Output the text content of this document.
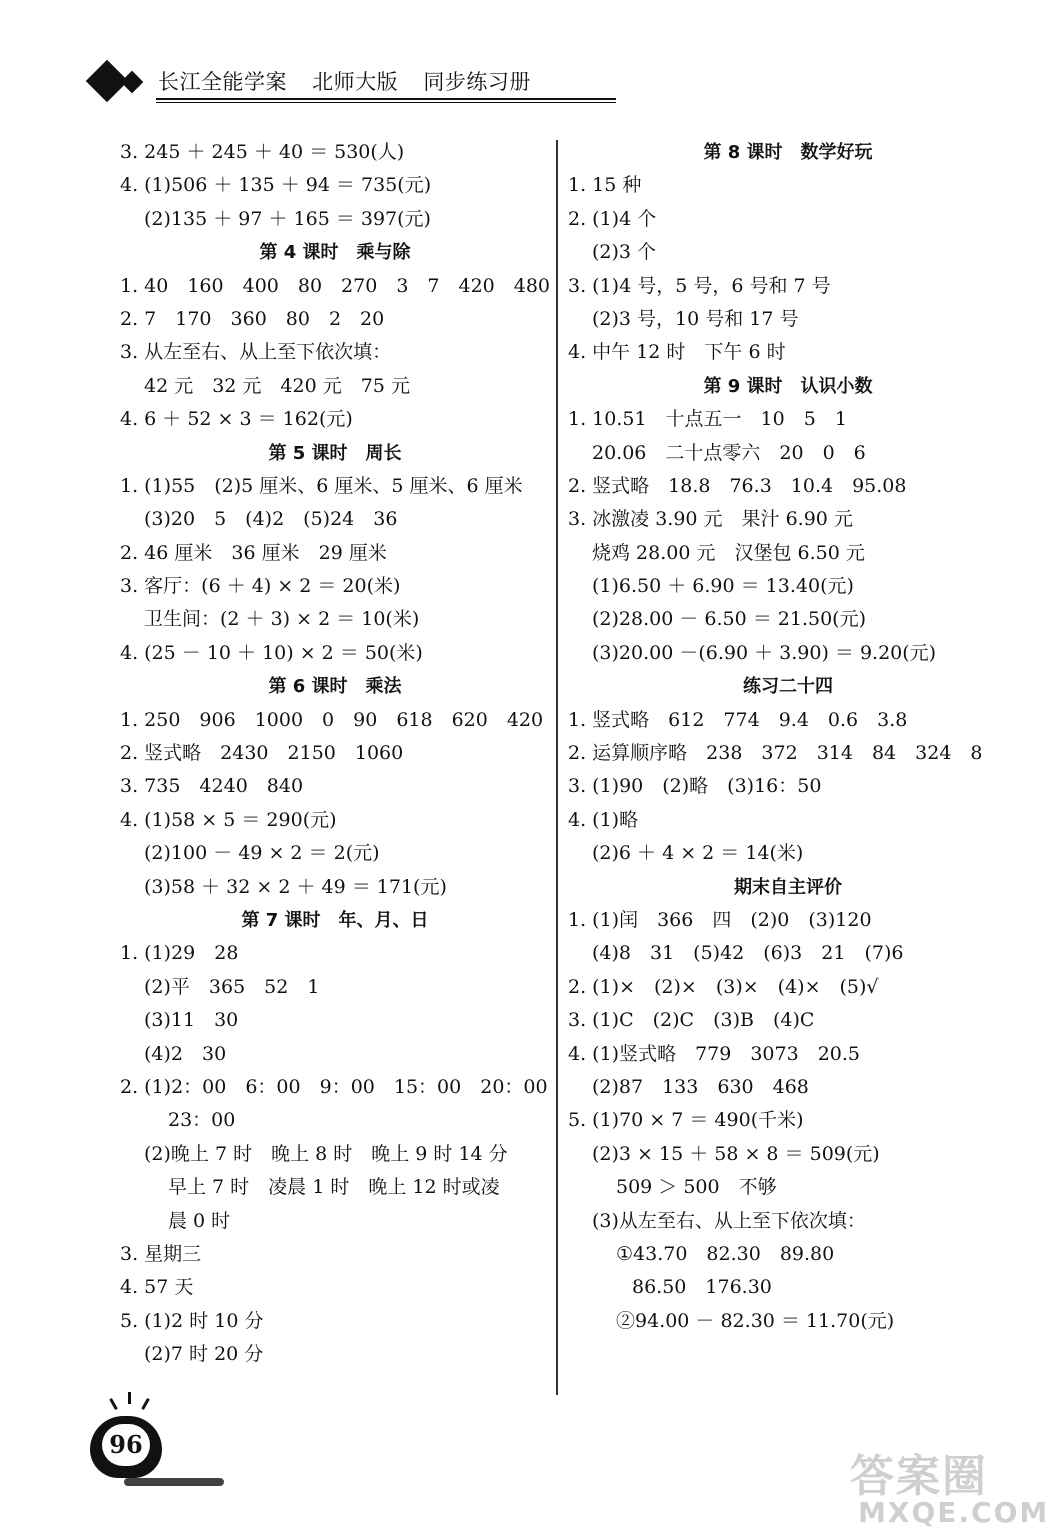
长江全能学案 北师大版 同步练习册
3. 245 ＋ 245 ＋ 40 ＝ 530(人)
4. (1)506 ＋ 135 ＋ 94 ＝ 735(元)
(2)135 ＋ 97 ＋ 165 ＝ 397(元)
第 4 课时　乘与除
1. 40　160　400　80　270　3　7　420　480
2. 7　170　360　80　2　20
3. 从左至右、从上至下依次填：
42 元　32 元　420 元　75 元
4. 6 ＋ 52 × 3 ＝ 162(元)
第 5 课时　周长
1. (1)55　(2)5 厘米、6 厘米、5 厘米、6 厘米
(3)20　5　(4)2　(5)24　36
2. 46 厘米　36 厘米　29 厘米
3. 客厅：(6 ＋ 4) × 2 ＝ 20(米)
卫生间：(2 ＋ 3) × 2 ＝ 10(米)
4. (25 － 10 ＋ 10) × 2 ＝ 50(米)
第 6 课时　乘法
1. 250　906　1000　0　90　618　620　420
2. 竖式略　2430　2150　1060
3. 735　4240　840
4. (1)58 × 5 ＝ 290(元)
(2)100 － 49 × 2 ＝ 2(元)
(3)58 ＋ 32 × 2 ＋ 49 ＝ 171(元)
第 7 课时　年、月、日
1. (1)29　28
(2)平　365　52　1
(3)11　30
(4)2　30
2. (1)2：00　6：00　9：00　15：00　20：00
23：00
(2)晚上 7 时　晚上 8 时　晚上 9 时 14 分
早上 7 时　凌晨 1 时　晚上 12 时或凌
晨 0 时
3. 星期三
4. 57 天
5. (1)2 时 10 分
(2)7 时 20 分
第 8 课时　数学好玩
1. 15 种
2. (1)4 个
(2)3 个
3. (1)4 号，5 号，6 号和 7 号
(2)3 号，10 号和 17 号
4. 中午 12 时　下午 6 时
第 9 课时　认识小数
1. 10.51　十点五一　10　5　1
20.06　二十点零六　20　0　6
2. 竖式略　18.8　76.3　10.4　95.08
3. 冰激凌 3.90 元　果汁 6.90 元
烧鸡 28.00 元　汉堡包 6.50 元
(1)6.50 ＋ 6.90 ＝ 13.40(元)
(2)28.00 － 6.50 ＝ 21.50(元)
(3)20.00 －(6.90 ＋ 3.90) ＝ 9.20(元)
练习二十四
1. 竖式略　612　774　9.4　0.6　3.8
2. 运算顺序略　238　372　314　84　324　8
3. (1)90　(2)略　(3)16：50
4. (1)略
(2)6 ＋ 4 × 2 ＝ 14(米)
期末自主评价
1. (1)闰　366　四　(2)0　(3)120
(4)8　31　(5)42　(6)3　21　(7)6
2. (1)×　(2)×　(3)×　(4)×　(5)√
3. (1)C　(2)C　(3)B　(4)C
4. (1)竖式略　779　3073　20.5
(2)87　133　630　468
5. (1)70 × 7 ＝ 490(千米)
(2)3 × 15 ＋ 58 × 8 ＝ 509(元)
509 ＞ 500　不够
(3)从左至右、从上至下依次填：
①43.70　82.30　89.80
86.50　176.30
②94.00 － 82.30 ＝ 11.70(元)
96
答案圈
MXQE.COM
